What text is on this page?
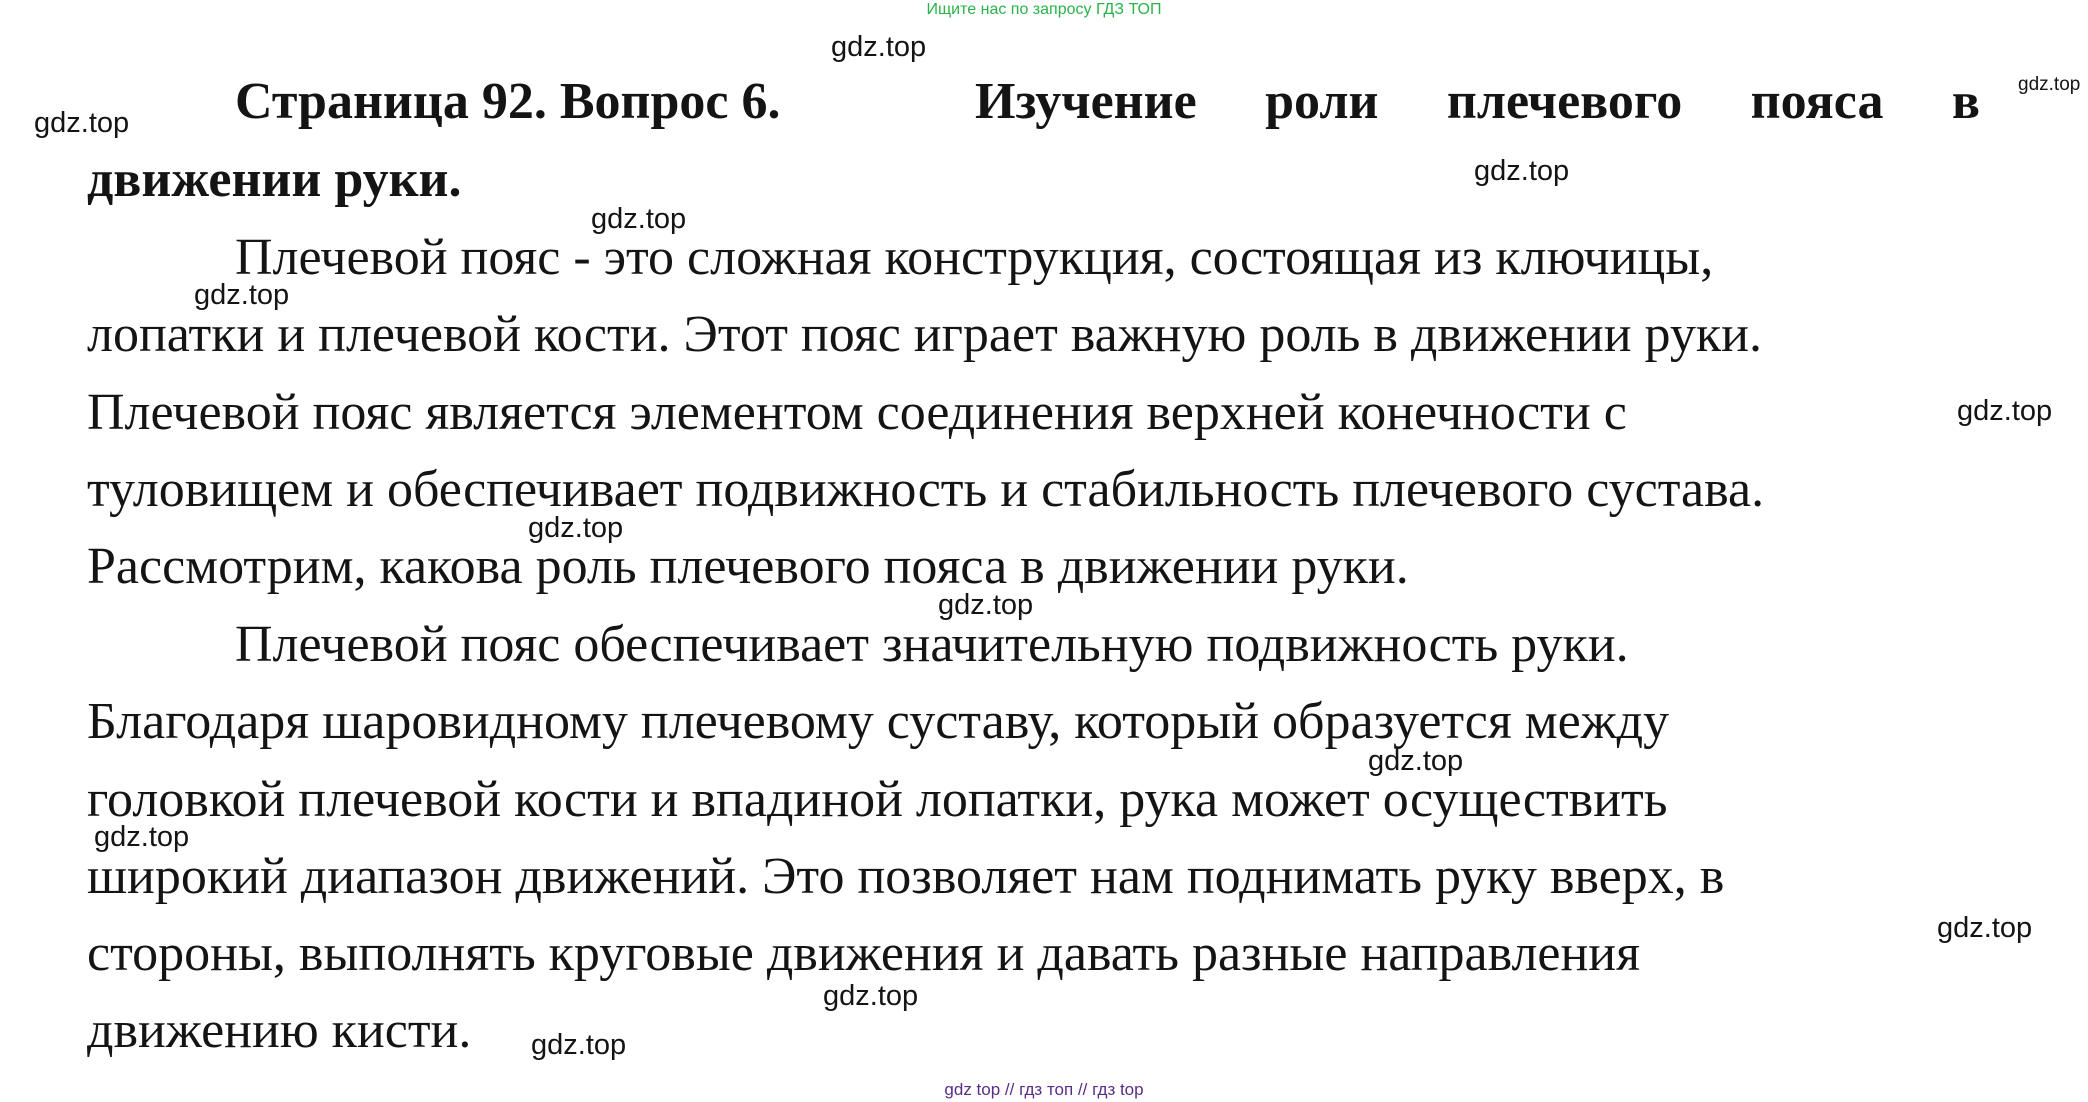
Ищите нас по запросу ГДЗ ТОП
Страница 92. Вопрос 6.	Изучение роли плечевого пояса в
движении руки.
Плечевой пояс - это сложная конструкция, состоящая из ключицы,
лопатки и плечевой кости. Этот пояс играет важную роль в движении руки.
Плечевой пояс является элементом соединения верхней конечности с
туловищем и обеспечивает подвижность и стабильность плечевого сустава.
Рассмотрим, какова роль плечевого пояса в движении руки.
Плечевой пояс обеспечивает значительную подвижность руки.
Благодаря шаровидному плечевому суставу, который образуется между
головкой плечевой кости и впадиной лопатки, рука может осуществить
широкий диапазон движений. Это позволяет нам поднимать руку вверх, в
стороны, выполнять круговые движения и давать разные направления
движению кисти.
gdz.top
gdz.top
gdz.top
gdz.top
gdz.top
gdz.top
gdz.top
gdz.top
gdz.top
gdz.top
gdz.top
gdz.top
gdz.top
gdz.top
gdz top // гдз топ // гдз top
